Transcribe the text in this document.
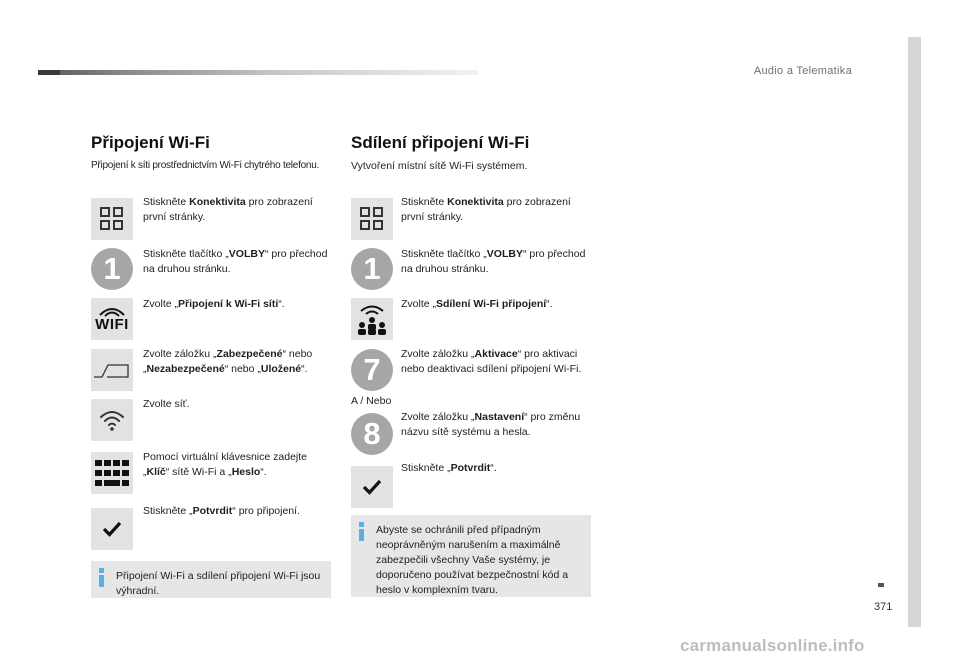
Audio a Telematika
371
Připojení Wi-Fi
Připojení k síti prostřednictvím Wi-Fi chytrého telefonu.
Stiskněte Konektivita pro zobrazení první stránky.
1	Stiskněte tlačítko „VOLBY“ pro přechod na druhou stránku.
WIFI
Zvolte „Připojení k Wi-Fi síti“.
Zvolte záložku „Zabezpečené“ nebo „Nezabezpečené“ nebo „Uložené“.
Zvolte síť.
Pomocí virtuální klávesnice zadejte „Klíč“ sítě Wi-Fi a „Heslo“.
Stiskněte „Potvrdit“ pro připojení.
Připojení Wi-Fi a sdílení připojení Wi-Fi jsou výhradní.
Sdílení připojení Wi-Fi
Vytvoření místní sítě Wi-Fi systémem.
Stiskněte Konektivita pro zobrazení první stránky.
1	Stiskněte tlačítko „VOLBY“ pro přechod na druhou stránku.
Zvolte „Sdílení Wi-Fi připojení“.
7	Zvolte záložku „Aktivace“ pro aktivaci nebo deaktivaci sdílení připojení Wi-Fi.
A / Nebo
8	Zvolte záložku „Nastavení“ pro změnu názvu sítě systému a hesla.
Stiskněte „Potvrdit“.
Abyste se ochránili před případným neoprávněným narušením a maximálně zabezpečili všechny Vaše systémy, je doporučeno používat bezpečnostní kód a heslo v komplexním tvaru.
carmanualsonline.info
